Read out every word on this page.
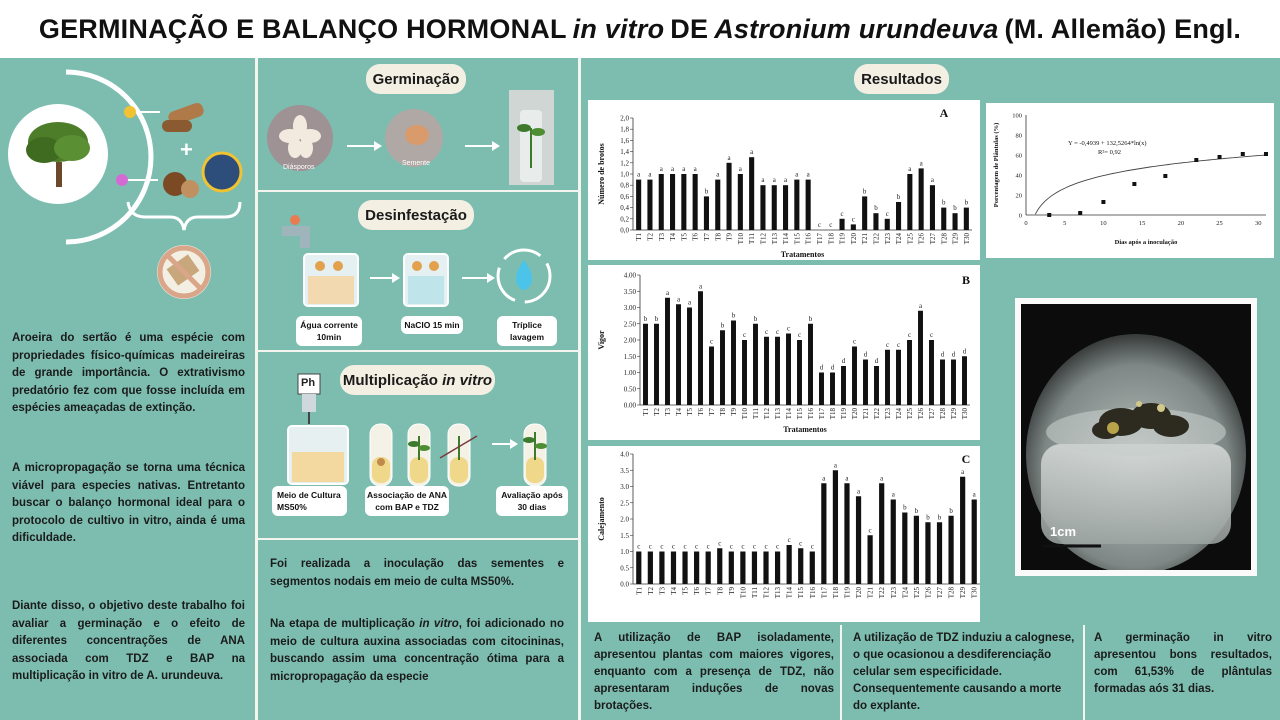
GERMINAÇÃO E BALANÇO HORMONAL in vitro DE Astronium urundeuva (M. Allemão) Engl.
+
Aroeira do sertão é uma espécie com propriedades físico-químicas madeireiras de grande importância. O extrativismo predatório fez com que fosse incluída em espécies ameaçadas de extinção.
A micropropagação se torna uma técnica viável para especies nativas. Entretanto buscar o balanço hormonal ideal para o protocolo de cultivo in vitro, ainda é uma dificuldade.
Diante disso, o objetivo deste trabalho foi avaliar a germinação e o efeito de diferentes concentrações de ANA associada com TDZ e BAP na multiplicação in vitro de A. urundeuva.
Germinação
Diásporos
Semente
Desinfestação
Água corrente 10min
NaClO 15 min	Tríplice lavagem
Multiplicação
in vitro
Ph
Meio de Cultura MS50%
Associação de ANA com BAP e TDZ
Avaliação após 30 dias
Foi realizada a inoculação das sementes e segmentos nodais em meio de culta MS50%.
Na etapa de multiplicação in vitro, foi adicionado no meio de cultura auxina associadas com citocininas, buscando assim uma concentração ótima para a micropropagação da especie
Resultados
0,0
0,2
0,4
0,6
0,8
1,0
1,2
1,4
1,6
1,8
2,0
a
T1
a
T2
a
T3
a
T4
a
T5
a
T6
b
T7
a
T8
a
T9
a
T10
a
T11
a
T12
a
T13
a
T14
a
T15
a
T16
c
T17
c
T18
c
T19
c
T20
b
T21
b
T22
c
T23
b
T24
a
T25
a
T26
a
T27
b
T28
b
T29
b
T30
Número de brotos
Tratamentos
A
0.00
0.50
1.00
1.50
2.00
2.50
3.00
3.50
4.00
b
T1
b
T2
a
T3
a
T4
a
T5
a
T6
c
T7
b
T8
b
T9
c
T10
b
T11
c
T12
c
T13
c
T14
c
T15
b
T16
d
T17
d
T18
d
T19
c
T20
d
T21
d
T22
c
T23
c
T24
c
T25
a
T26
c
T27
d
T28
d
T29
d
T30
Vigor
Tratamentos
B
0.0
0.5
1.0
1.5
2.0
2.5
3.0
3.5
4.0
c
T1
c
T2
c
T3
c
T4
c
T5
c
T6
c
T7
c
T8
c
T9
c
T10
c
T11
c
T12
c
T13
c
T14
c
T15
c
T16
a
T17
a
T18
a
T19
a
T20
c
T21
a
T22
a
T23
b
T24
b
T25
b
T26
b
T27
b
T28
a
T29
a
T30
Calejamento
C
0
20
40
60
80
100
0	5	10	15	20	25	30
Y = -0,4939 + 132,5264*ln(x)
R²= 0,92
Dias após a inoculação
Porcentagem de Plântulas (%)
1cm
A utilização de BAP isoladamente, apresentou plantas com maiores vigores, enquanto com a presença de TDZ, não apresentaram induções de novas brotações.
A utilização de TDZ induziu a calognese, o que ocasionou a desdiferenciação celular sem especificidade. Consequentemente causando a morte do explante.
A germinação in vitro apresentou bons resultados, com 61,53% de plântulas formadas aós 31 dias.
